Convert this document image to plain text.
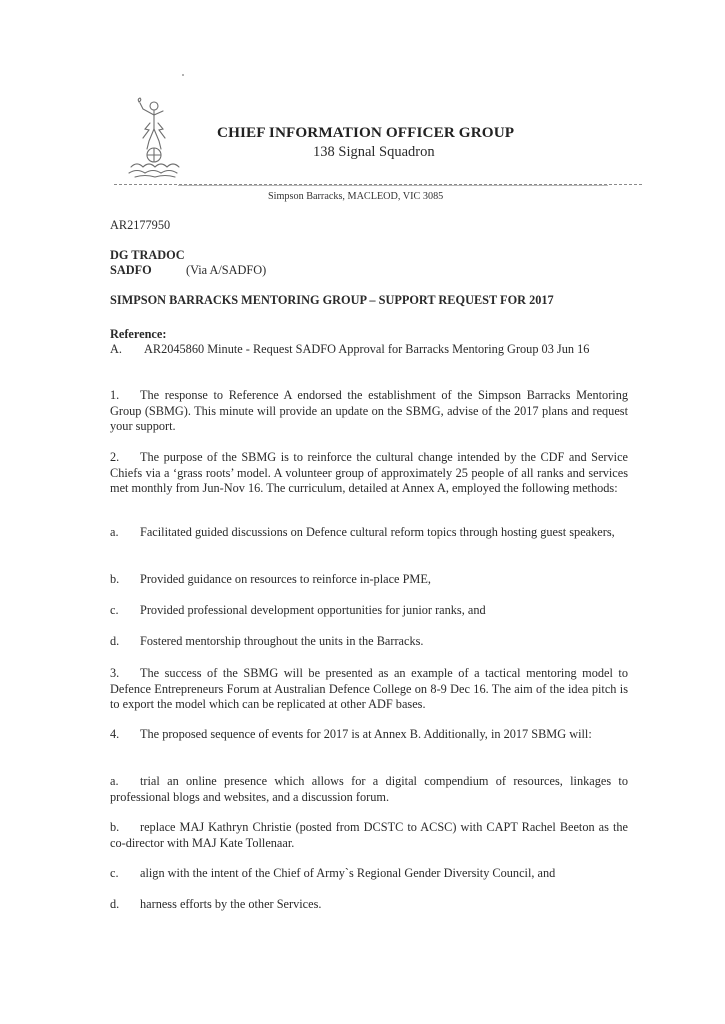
CHIEF INFORMATION OFFICER GROUP
138 Signal Squadron
Simpson Barracks, MACLEOD, VIC 3085
AR2177950
DG TRADOC
SADFO	(Via A/SADFO)
SIMPSON BARRACKS MENTORING GROUP – SUPPORT REQUEST FOR 2017
Reference:
A.	AR2045860 Minute - Request SADFO Approval for Barracks Mentoring Group 03 Jun 16
1. The response to Reference A endorsed the establishment of the Simpson Barracks Mentoring Group (SBMG). This minute will provide an update on the SBMG, advise of the 2017 plans and request your support.
2. The purpose of the SBMG is to reinforce the cultural change intended by the CDF and Service Chiefs via a ‘grass roots’ model. A volunteer group of approximately 25 people of all ranks and services met monthly from Jun-Nov 16. The curriculum, detailed at Annex A, employed the following methods:
a. Facilitated guided discussions on Defence cultural reform topics through hosting guest speakers,
b. Provided guidance on resources to reinforce in-place PME,
c. Provided professional development opportunities for junior ranks, and
d. Fostered mentorship throughout the units in the Barracks.
3. The success of the SBMG will be presented as an example of a tactical mentoring model to Defence Entrepreneurs Forum at Australian Defence College on 8-9 Dec 16. The aim of the idea pitch is to export the model which can be replicated at other ADF bases.
4. The proposed sequence of events for 2017 is at Annex B. Additionally, in 2017 SBMG will:
a. trial an online presence which allows for a digital compendium of resources, linkages to professional blogs and websites, and a discussion forum.
b. replace MAJ Kathryn Christie (posted from DCSTC to ACSC) with CAPT Rachel Beeton as the co-director with MAJ Kate Tollenaar.
c. align with the intent of the Chief of Army`s Regional Gender Diversity Council, and
d. harness efforts by the other Services.
